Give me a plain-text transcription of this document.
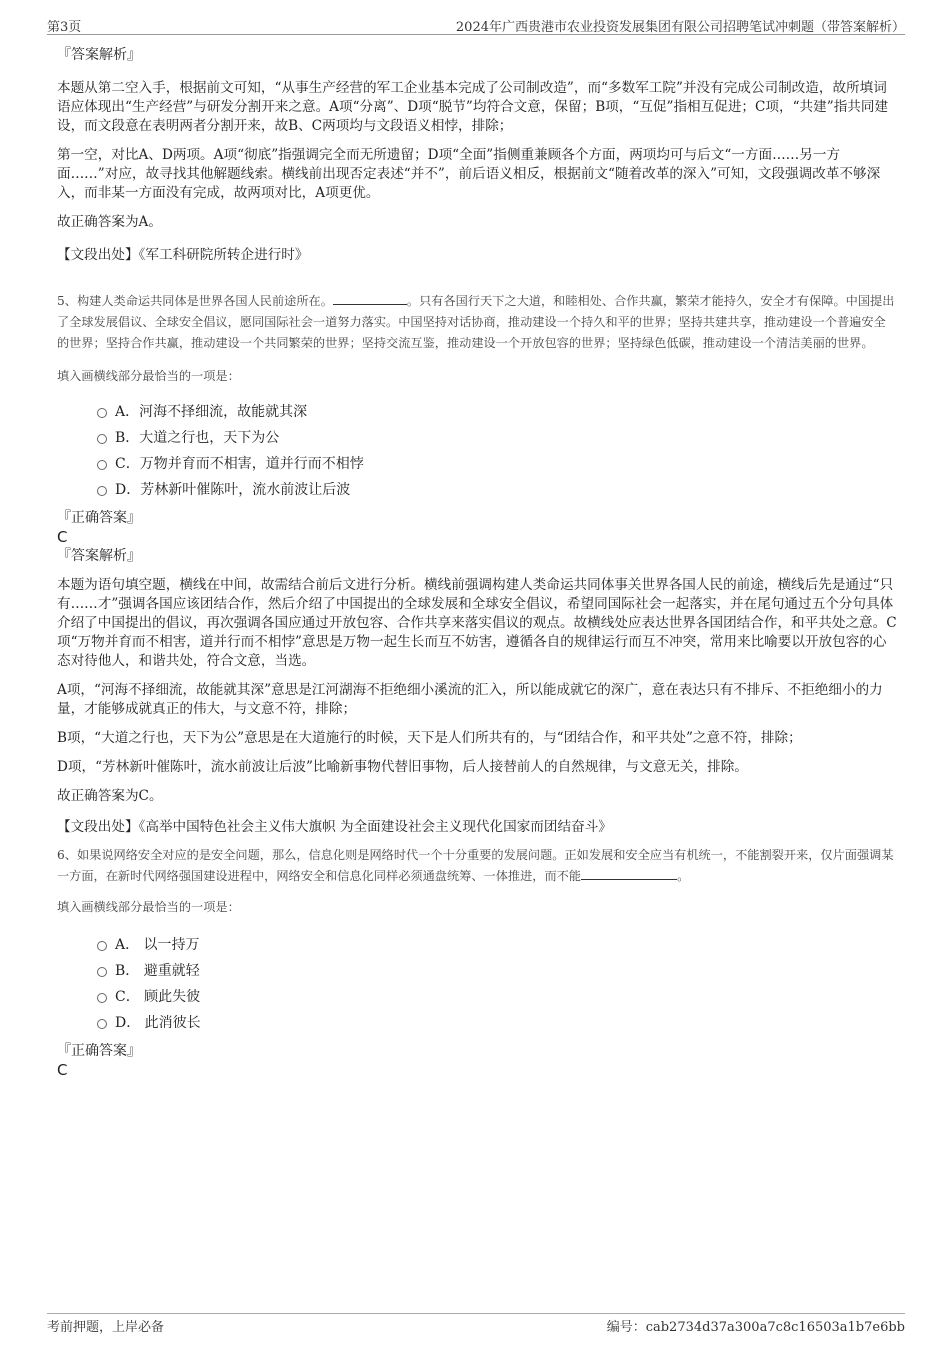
第3页	2024年广西贵港市农业投资发展集团有限公司招聘笔试冲刺题（带答案解析）

『答案解析』

本题从第二空入手，根据前文可知，“从事生产经营的军工企业基本完成了公司制改造”，而“多数军工院”并没有完成公司制改造，故所填词语应体现出“生产经营”与研发分割开来之意。A项“分离”、D项“脱节”均符合文意，保留；B项，“互促”指相互促进；C项，“共建”指共同建设，而文段意在表明两者分割开来，故B、C两项均与文段语义相悖，排除；

第一空，对比A、D两项。A项“彻底”指强调完全而无所遗留；D项“全面”指侧重兼顾各个方面，两项均可与后文“一方面……另一方面……”对应，故寻找其他解题线索。横线前出现否定表述“并不”，前后语义相反，根据前文“随着改革的深入”可知，文段强调改革不够深入，而非某一方面没有完成，故两项对比，A项更优。

故正确答案为A。

【文段出处】《军工科研院所转企进行时》

5、构建人类命运共同体是世界各国人民前途所在。	。只有各国行天下之大道，和睦相处、合作共赢，繁荣才能持久，安全才有保障。中国提出了全球发展倡议、全球安全倡议，愿同国际社会一道努力落实。中国坚持对话协商，推动建设一个持久和平的世界；坚持共建共享，推动建设一个普遍安全的世界；坚持合作共赢，推动建设一个共同繁荣的世界；坚持交流互鉴，推动建设一个开放包容的世界；坚持绿色低碳，推动建设一个清洁美丽的世界。

填入画横线部分最恰当的一项是：

A．河海不择细流，故能就其深
B．大道之行也，天下为公
C．万物并育而不相害，道并行而不相悖
D．芳林新叶催陈叶，流水前波让后波

『正确答案』

C

『答案解析』

本题为语句填空题，横线在中间，故需结合前后文进行分析。横线前强调构建人类命运共同体事关世界各国人民的前途，横线后先是通过“只有……才”强调各国应该团结合作，然后介绍了中国提出的全球发展和全球安全倡议，希望同国际社会一起落实，并在尾句通过五个分句具体介绍了中国提出的倡议，再次强调各国应通过开放包容、合作共享来落实倡议的观点。故横线处应表达世界各国团结合作，和平共处之意。C项“万物并育而不相害，道并行而不相悖”意思是万物一起生长而互不妨害，遵循各自的规律运行而互不冲突，常用来比喻要以开放包容的心态对待他人，和谐共处，符合文意，当选。

A项，“河海不择细流，故能就其深”意思是江河湖海不拒绝细小溪流的汇入，所以能成就它的深广，意在表达只有不排斥、不拒绝细小的力量，才能够成就真正的伟大，与文意不符，排除；

B项，“大道之行也，天下为公”意思是在大道施行的时候，天下是人们所共有的，与“团结合作，和平共处”之意不符，排除；

D项，“芳林新叶催陈叶，流水前波让后波”比喻新事物代替旧事物，后人接替前人的自然规律，与文意无关，排除。

故正确答案为C。

【文段出处】《高举中国特色社会主义伟大旗帜 为全面建设社会主义现代化国家而团结奋斗》

6、如果说网络安全对应的是安全问题，那么，信息化则是网络时代一个十分重要的发展问题。正如发展和安全应当有机统一，不能割裂开来，仅片面强调某一方面，在新时代网络强国建设进程中，网络安全和信息化同样必须通盘统筹、一体推进，而不能	。

填入画横线部分最恰当的一项是：

A． 以一持万
B． 避重就轻
C． 顾此失彼
D． 此消彼长

『正确答案』

C

考前押题，上岸必备	编号：cab2734d37a300a7c8c16503a1b7e6bb
